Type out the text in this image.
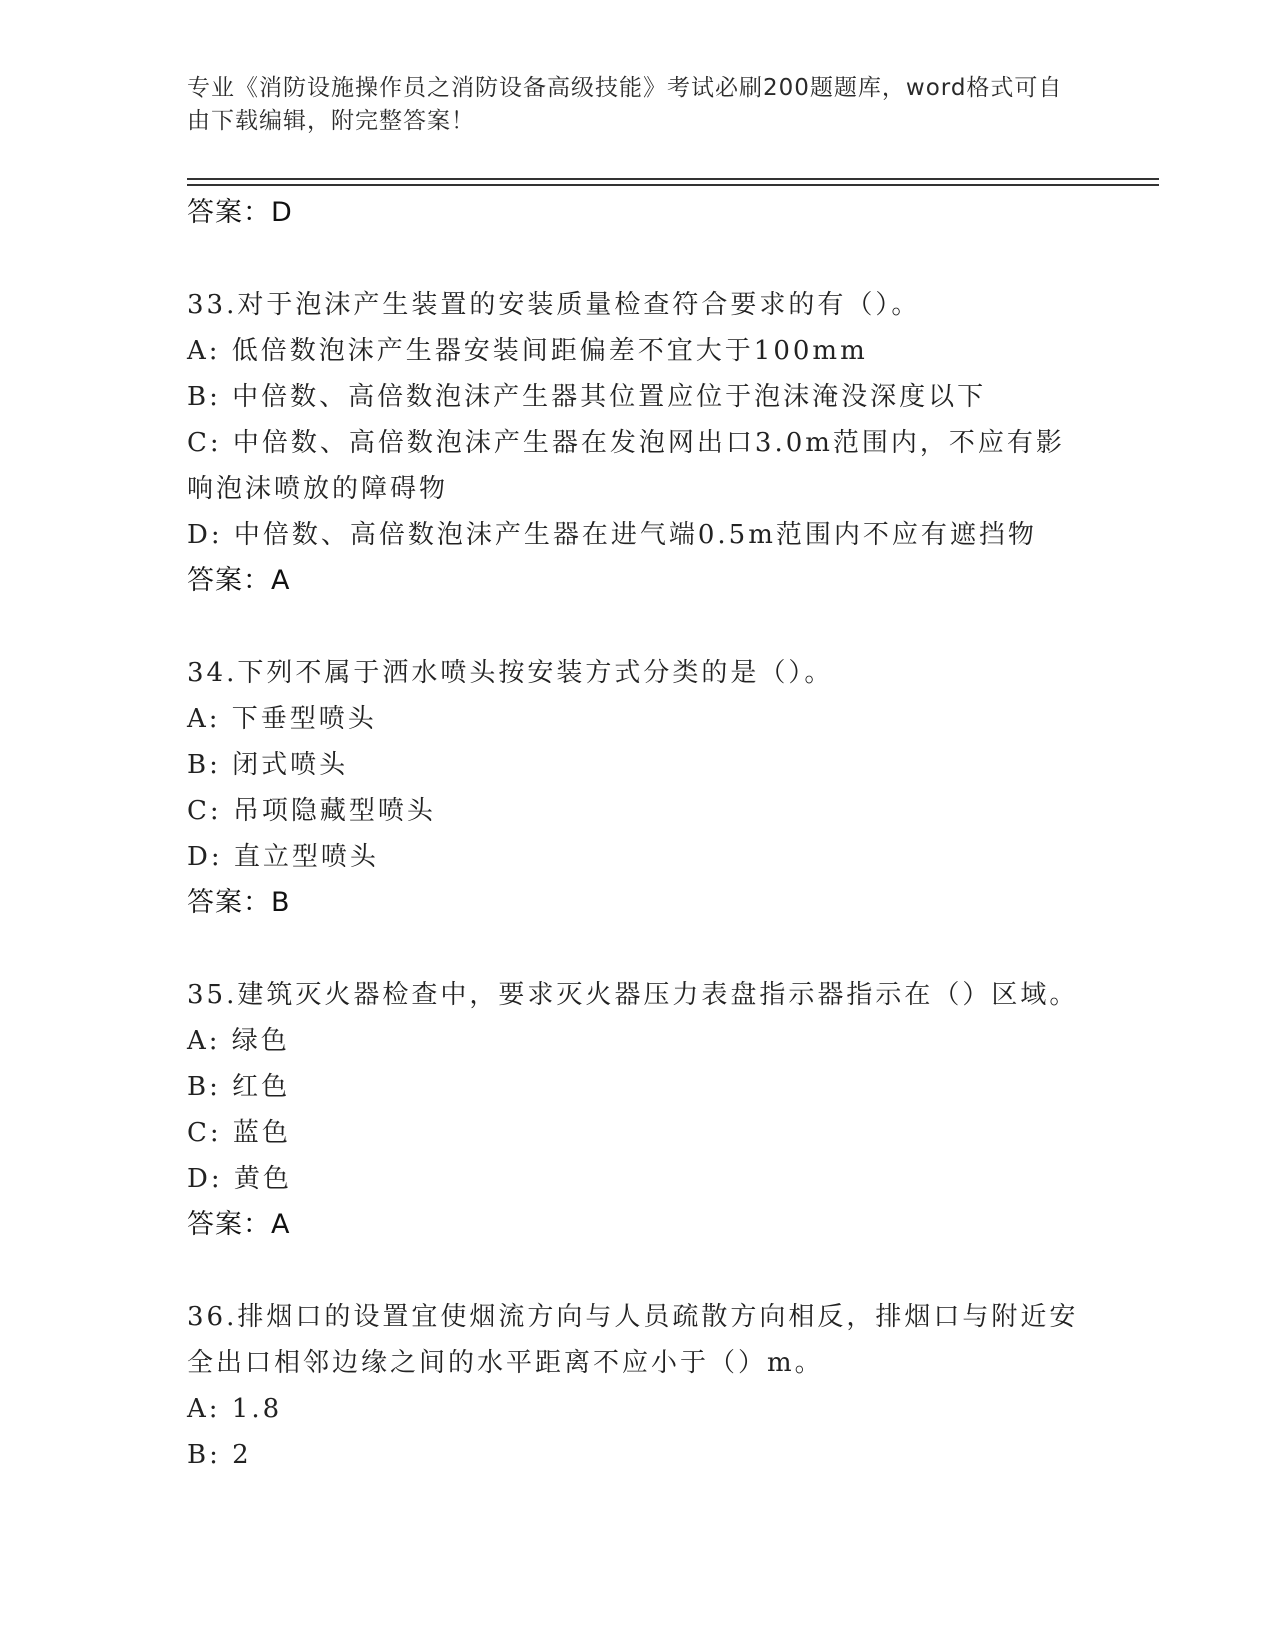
专业《消防设施操作员之消防设备高级技能》考试必刷200题题库，word格式可自由下载编辑，附完整答案！
答案：D
33.对于泡沫产生装置的安装质量检查符合要求的有（）。
A: 低倍数泡沫产生器安装间距偏差不宜大于100mm
B: 中倍数、高倍数泡沫产生器其位置应位于泡沫淹没深度以下
C: 中倍数、高倍数泡沫产生器在发泡网出口3.0m范围内，不应有影响泡沫喷放的障碍物
D: 中倍数、高倍数泡沫产生器在进气端0.5m范围内不应有遮挡物
答案：A
34.下列不属于洒水喷头按安装方式分类的是（）。
A: 下垂型喷头
B: 闭式喷头
C: 吊项隐藏型喷头
D: 直立型喷头
答案：B
35.建筑灭火器检查中，要求灭火器压力表盘指示器指示在（）区域。
A: 绿色
B: 红色
C: 蓝色
D: 黄色
答案：A
36.排烟口的设置宜使烟流方向与人员疏散方向相反，排烟口与附近安全出口相邻边缘之间的水平距离不应小于（）m。
A: 1.8
B: 2
